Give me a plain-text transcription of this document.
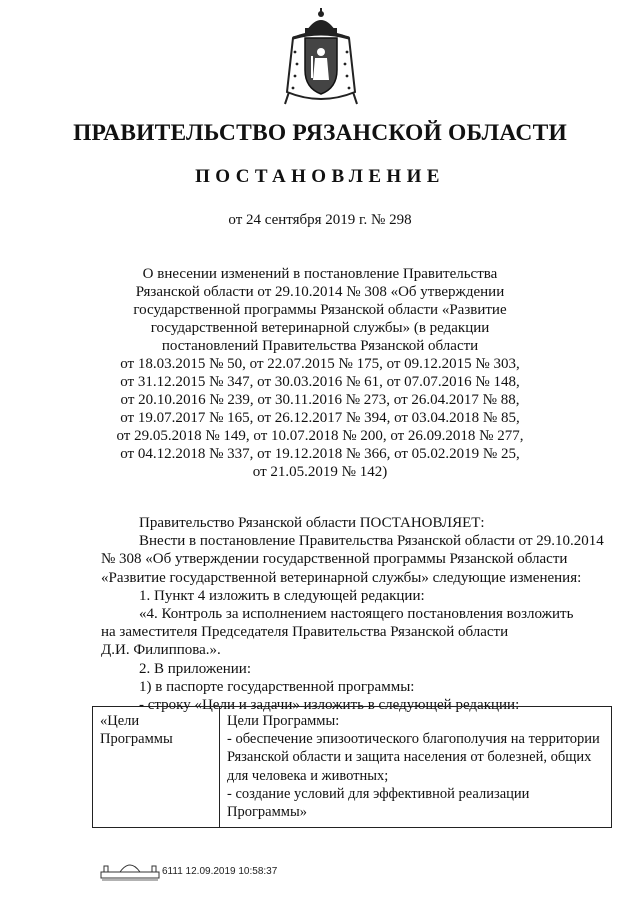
ПРАВИТЕЛЬСТВО РЯЗАНСКОЙ ОБЛАСТИ
ПОСТАНОВЛЕНИЕ
от 24 сентября 2019 г. № 298
О внесении изменений в постановление Правительства
Рязанской области от 29.10.2014 № 308 «Об утверждении
государственной программы Рязанской области «Развитие
государственной ветеринарной службы» (в редакции
постановлений Правительства Рязанской области
от 18.03.2015 № 50, от 22.07.2015 № 175, от 09.12.2015 № 303,
от 31.12.2015 № 347, от 30.03.2016 № 61, от 07.07.2016 № 148,
от 20.10.2016 № 239, от 30.11.2016 № 273, от 26.04.2017 № 88,
от 19.07.2017 № 165, от 26.12.2017 № 394, от 03.04.2018 № 85,
от 29.05.2018 № 149, от 10.07.2018 № 200, от 26.09.2018 № 277,
от 04.12.2018 № 337, от 19.12.2018 № 366, от 05.02.2019 № 25,
от 21.05.2019 № 142)
Правительство Рязанской области ПОСТАНОВЛЯЕТ:
Внести в постановление Правительства Рязанской области от 29.10.2014
№ 308 «Об утверждении государственной программы Рязанской области
«Развитие государственной ветеринарной службы» следующие изменения:
1. Пункт 4 изложить в следующей редакции:
«4. Контроль за исполнением настоящего постановления возложить
на заместителя Председателя Правительства Рязанской области
Д.И. Филиппова.».
2. В приложении:
1) в паспорте государственной программы:
- строку «Цели и задачи» изложить в следующей редакции:
«Цели
Программы
Цели Программы:
- обеспечение эпизоотического благополучия на территории
Рязанской области и защита населения от болезней, общих
для человека и животных;
- создание условий для эффективной реализации
Программы»
6111 12.09.2019 10:58:37
